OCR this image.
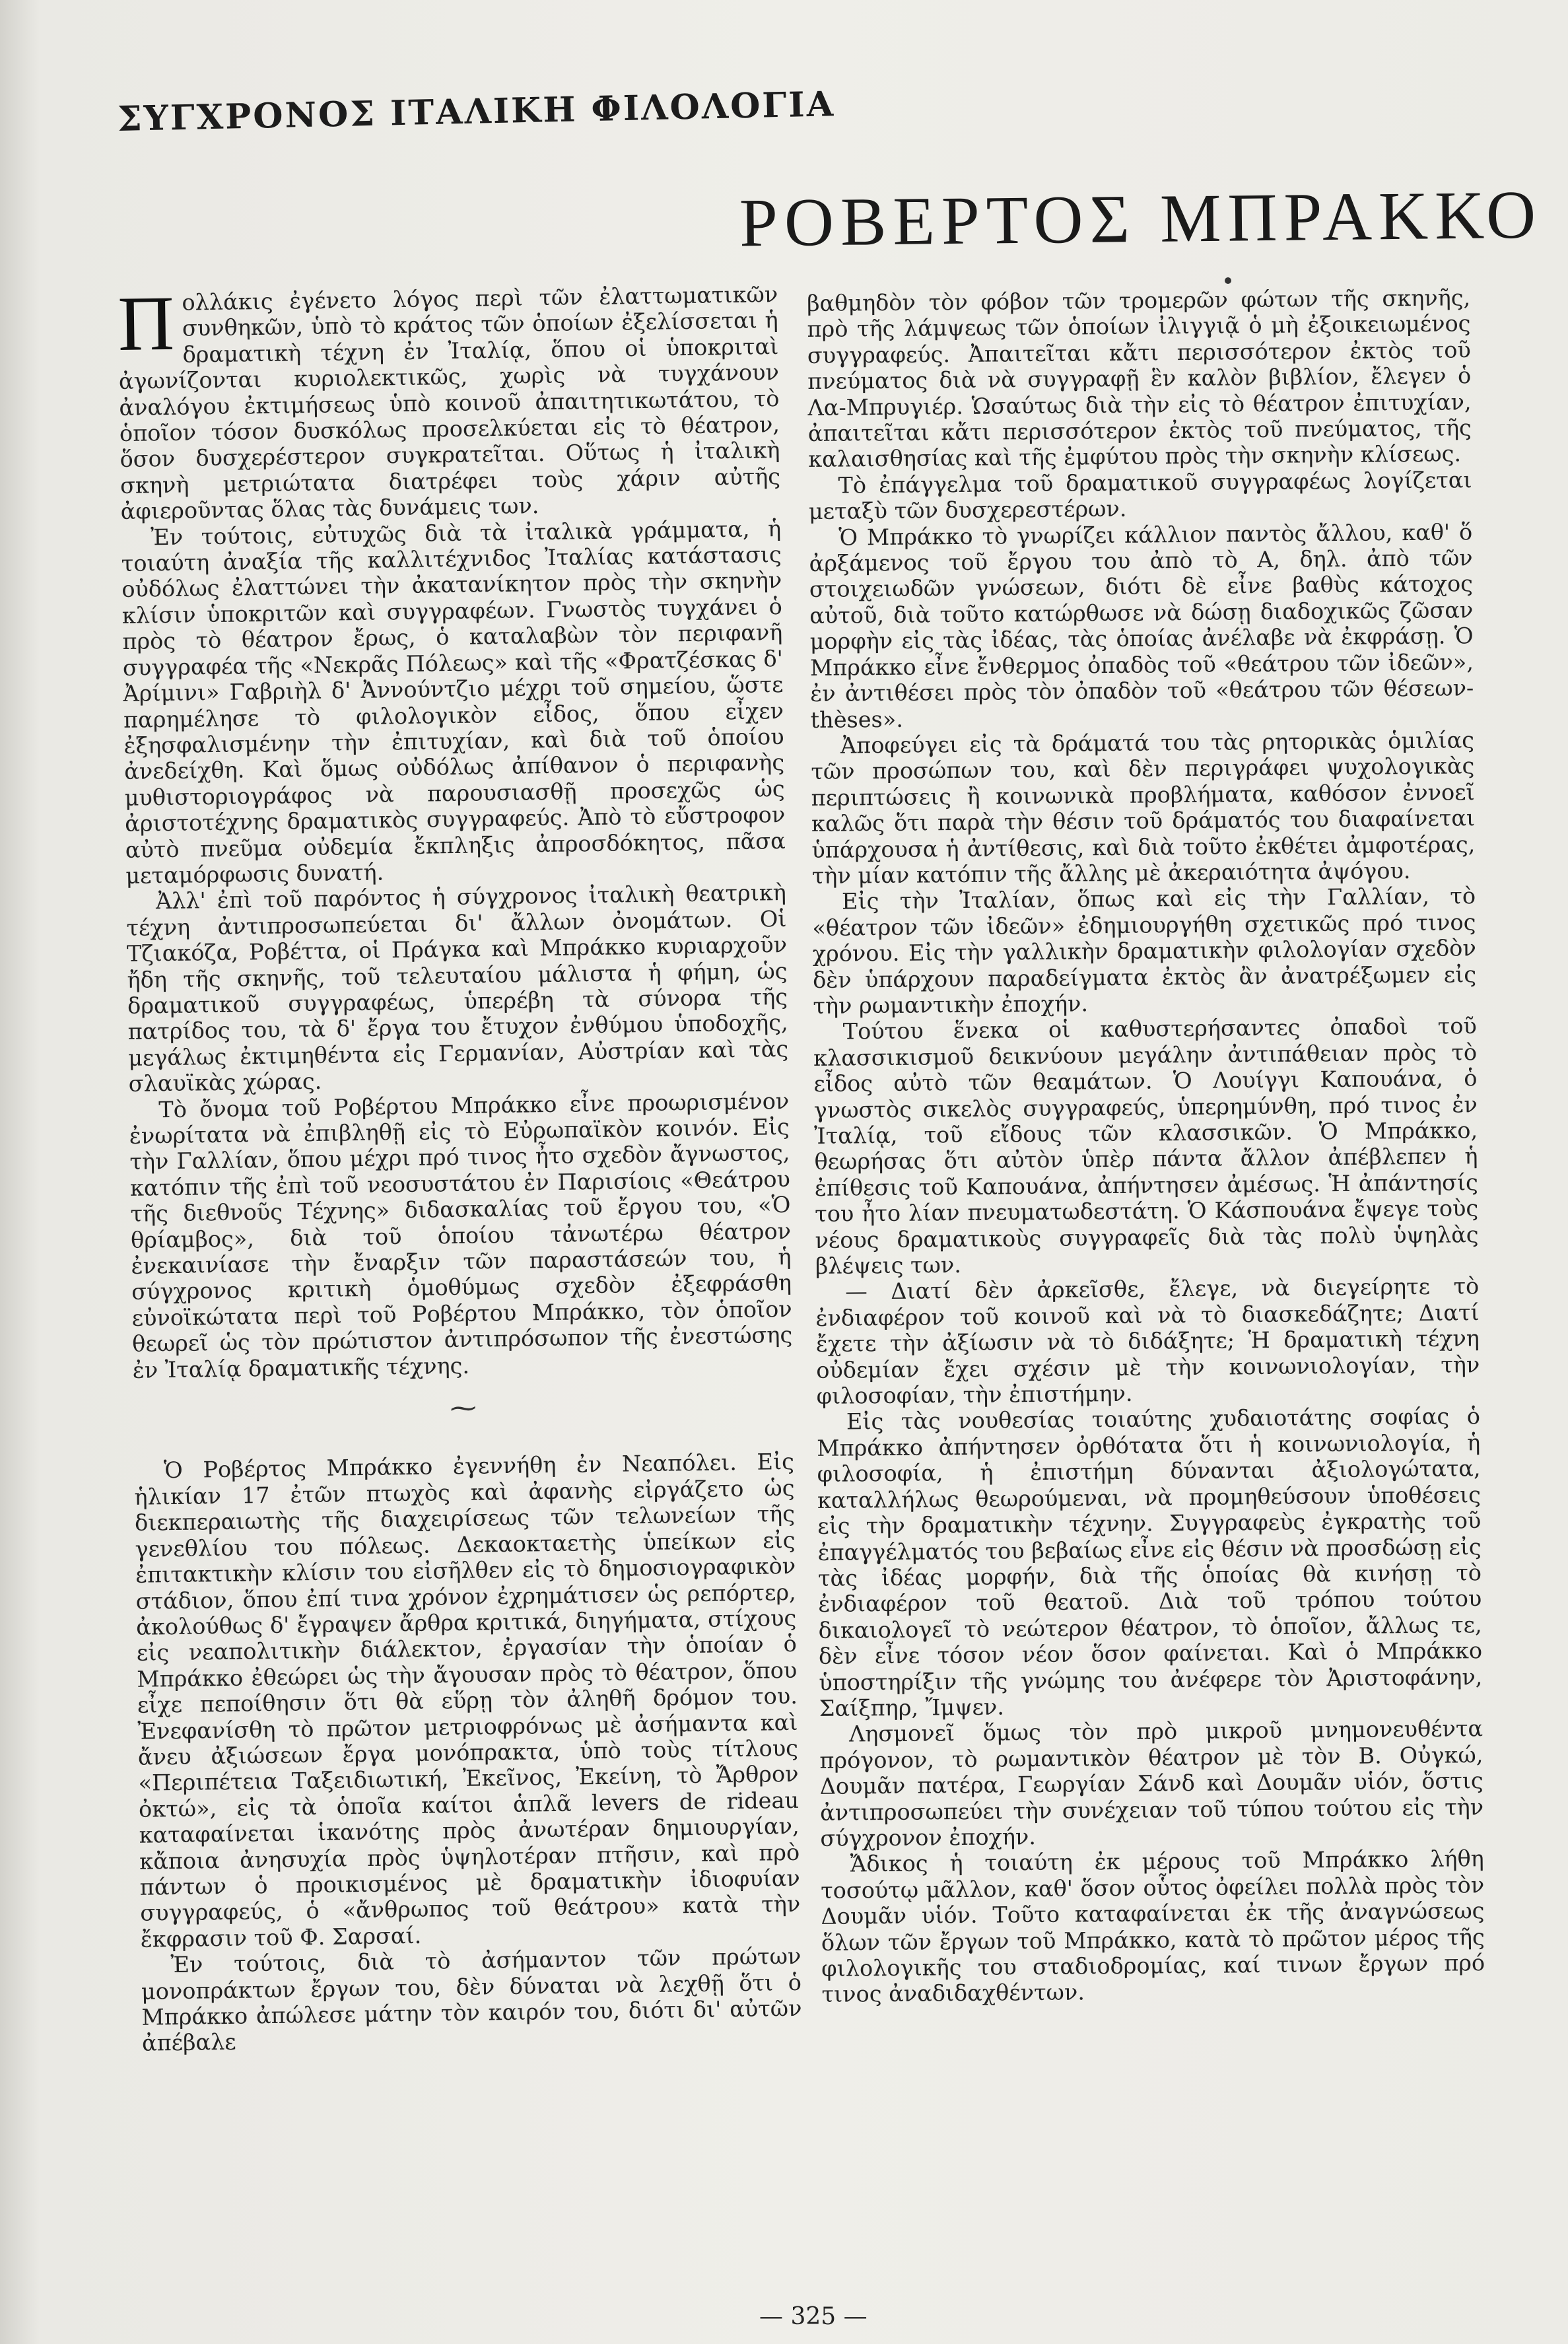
ΣΥΓΧΡΟΝΟΣ ΙΤΑΛΙΚΗ ΦΙΛΟΛΟΓΙΑ
ΡΟΒΕΡΤΟΣ ΜΠΡΑΚΚΟ

Πολλάκις ἐγένετο λόγος περὶ τῶν ἐλαττωματικῶν συνθηκῶν, ὑπὸ τὸ κράτος τῶν ὁποίων ἐξελίσσεται ἡ δραματικὴ τέχνη ἐν Ἰταλίᾳ, ὅπου οἱ ὑποκριταὶ ἀγωνίζονται κυριολεκτικῶς, χωρὶς νὰ τυγχάνουν ἀναλόγου ἐκτιμήσεως ὑπὸ κοινοῦ ἀπαιτητικωτάτου, τὸ ὁποῖον τόσον δυσκόλως προσελκύεται εἰς τὸ θέατρον, ὅσον δυσχερέστερον συγκρατεῖται. Οὕτως ἡ ἰταλικὴ σκηνὴ μετριώτατα διατρέφει τοὺς χάριν αὐτῆς ἀφιεροῦντας ὅλας τὰς δυνάμεις των.

Ἐν τούτοις, εὐτυχῶς διὰ τὰ ἰταλικὰ γράμματα, ἡ τοιαύτη ἀναξία τῆς καλλιτέχνιδος Ἰταλίας κατάστασις οὐδόλως ἐλαττώνει τὴν ἀκατανίκητον πρὸς τὴν σκηνὴν κλίσιν ὑποκριτῶν καὶ συγγραφέων. Γνωστὸς τυγχάνει ὁ πρὸς τὸ θέατρον ἔρως, ὁ καταλαβὼν τὸν περιφανῆ συγγραφέα τῆς «Νεκρᾶς Πόλεως» καὶ τῆς «Φρατζέσκας δ' Ἀρίμινι» Γαβριὴλ δ' Ἀννούντζιο μέχρι τοῦ σημείου, ὥστε παρημέλησε τὸ φιλολογικὸν εἶδος, ὅπου εἶχεν ἐξησφαλισμένην τὴν ἐπιτυχίαν, καὶ διὰ τοῦ ὁποίου ἀνεδείχθη. Καὶ ὅμως οὐδόλως ἀπίθανον ὁ περιφανὴς μυθιστοριογράφος νὰ παρουσιασθῇ προσεχῶς ὡς ἀριστοτέχνης δραματικὸς συγγραφεύς. Ἀπὸ τὸ εὔστροφον αὐτὸ πνεῦμα οὐδεμία ἔκπληξις ἀπροσδόκητος, πᾶσα μεταμόρφωσις δυνατή.

Ἀλλ' ἐπὶ τοῦ παρόντος ἡ σύγχρονος ἰταλικὴ θεατρικὴ τέχνη ἀντιπροσωπεύεται δι' ἄλλων ὀνομάτων. Οἱ Τζιακόζα, Ροβέττα, οἱ Πράγκα καὶ Μπράκκο κυριαρχοῦν ἤδη τῆς σκηνῆς, τοῦ τελευταίου μάλιστα ἡ φήμη, ὡς δραματικοῦ συγγραφέως, ὑπερέβη τὰ σύνορα τῆς πατρίδος του, τὰ δ' ἔργα του ἔτυχον ἐνθύμου ὑποδοχῆς, μεγάλως ἐκτιμηθέντα εἰς Γερμανίαν, Αὐστρίαν καὶ τὰς σλαυϊκὰς χώρας.

Τὸ ὄνομα τοῦ Ροβέρτου Μπράκκο εἶνε προωρισμένον ἐνωρίτατα νὰ ἐπιβληθῇ εἰς τὸ Εὐρωπαϊκὸν κοινόν. Εἰς τὴν Γαλλίαν, ὅπου μέχρι πρό τινος ἦτο σχεδὸν ἄγνωστος, κατόπιν τῆς ἐπὶ τοῦ νεοσυστάτου ἐν Παρισίοις «Θεάτρου τῆς διεθνοῦς Τέχνης» διδασκαλίας τοῦ ἔργου του, «Ὁ θρίαμβος», διὰ τοῦ ὁποίου τἀνωτέρω θέατρον ἐνεκαινίασε τὴν ἔναρξιν τῶν παραστάσεών του, ἡ σύγχρονος κριτικὴ ὁμοθύμως σχεδὸν ἐξεφράσθη εὐνοϊκώτατα περὶ τοῦ Ροβέρτου Μπράκκο, τὸν ὁποῖον θεωρεῖ ὡς τὸν πρώτιστον ἀντιπρόσωπον τῆς ἐνεστώσης ἐν Ἰταλίᾳ δραματικῆς τέχνης.

⁓

Ὁ Ροβέρτος Μπράκκο ἐγεννήθη ἐν Νεαπόλει. Εἰς ἡλικίαν 17 ἐτῶν πτωχὸς καὶ ἀφανὴς εἰργάζετο ὡς διεκπεραιωτὴς τῆς διαχειρίσεως τῶν τελωνείων τῆς γενεθλίου του πόλεως. Δεκαοκταετὴς ὑπείκων εἰς ἐπιτακτικὴν κλίσιν του εἰσῆλθεν εἰς τὸ δημοσιογραφικὸν στάδιον, ὅπου ἐπί τινα χρόνον ἐχρημάτισεν ὡς ρεπόρτερ, ἀκολούθως δ' ἔγραψεν ἄρθρα κριτικά, διηγήματα, στίχους εἰς νεαπολιτικὴν διάλεκτον, ἐργασίαν τὴν ὁποίαν ὁ Μπράκκο ἐθεώρει ὡς τὴν ἄγουσαν πρὸς τὸ θέατρον, ὅπου εἶχε πεποίθησιν ὅτι θὰ εὕρῃ τὸν ἀληθῆ δρόμον του. Ἐνεφανίσθη τὸ πρῶτον μετριοφρόνως μὲ ἀσήμαντα καὶ ἄνευ ἀξιώσεων ἔργα μονόπρακτα, ὑπὸ τοὺς τίτλους «Περιπέτεια Ταξειδιωτική, Ἐκεῖνος, Ἐκείνη, τὸ Ἄρθρον ὀκτώ», εἰς τὰ ὁποῖα καίτοι ἁπλᾶ levers de rideau καταφαίνεται ἱκανότης πρὸς ἀνωτέραν δημιουργίαν, κἄποια ἀνησυχία πρὸς ὑψηλοτέραν πτῆσιν, καὶ πρὸ πάντων ὁ προικισμένος μὲ δραματικὴν ἰδιοφυίαν συγγραφεύς, ὁ «ἄνθρωπος τοῦ θεάτρου» κατὰ τὴν ἔκφρασιν τοῦ Φ. Σαρσαί.

Ἐν τούτοις, διὰ τὸ ἀσήμαντον τῶν πρώτων μονοπράκτων ἔργων του, δὲν δύναται νὰ λεχθῇ ὅτι ὁ Μπράκκο ἀπώλεσε μάτην τὸν καιρόν του, διότι δι' αὐτῶν ἀπέβαλε

βαθμηδὸν τὸν φόβον τῶν τρομερῶν φώτων τῆς σκηνῆς, πρὸ τῆς λάμψεως τῶν ὁποίων ἰλιγγιᾷ ὁ μὴ ἐξοικειωμένος συγγραφεύς. Ἀπαιτεῖται κἄτι περισσότερον ἐκτὸς τοῦ πνεύματος διὰ νὰ συγγραφῇ ἓν καλὸν βιβλίον, ἔλεγεν ὁ Λα-Μπρυγιέρ. Ὡσαύτως διὰ τὴν εἰς τὸ θέατρον ἐπιτυχίαν, ἀπαιτεῖται κἄτι περισσότερον ἐκτὸς τοῦ πνεύματος, τῆς καλαισθησίας καὶ τῆς ἐμφύτου πρὸς τὴν σκηνὴν κλίσεως.

Τὸ ἐπάγγελμα τοῦ δραματικοῦ συγγραφέως λογίζεται μεταξὺ τῶν δυσχερεστέρων.

Ὁ Μπράκκο τὸ γνωρίζει κάλλιον παντὸς ἄλλου, καθ' ὅ ἀρξάμενος τοῦ ἔργου του ἀπὸ τὸ Α, δηλ. ἀπὸ τῶν στοιχειωδῶν γνώσεων, διότι δὲ εἶνε βαθὺς κάτοχος αὐτοῦ, διὰ τοῦτο κατώρθωσε νὰ δώσῃ διαδοχικῶς ζῶσαν μορφὴν εἰς τὰς ἰδέας, τὰς ὁποίας ἀνέλαβε νὰ ἐκφράσῃ. Ὁ Μπράκκο εἶνε ἔνθερμος ὀπαδὸς τοῦ «θεάτρου τῶν ἰδεῶν», ἐν ἀντιθέσει πρὸς τὸν ὀπαδὸν τοῦ «θεάτρου τῶν θέσεων-thèses».

Ἀποφεύγει εἰς τὰ δράματά του τὰς ρητορικὰς ὁμιλίας τῶν προσώπων του, καὶ δὲν περιγράφει ψυχολογικὰς περιπτώσεις ἢ κοινωνικὰ προβλήματα, καθόσον ἐννοεῖ καλῶς ὅτι παρὰ τὴν θέσιν τοῦ δράματός του διαφαίνεται ὑπάρχουσα ἡ ἀντίθεσις, καὶ διὰ τοῦτο ἐκθέτει ἀμφοτέρας, τὴν μίαν κατόπιν τῆς ἄλλης μὲ ἀκεραιότητα ἀψόγου.

Εἰς τὴν Ἰταλίαν, ὅπως καὶ εἰς τὴν Γαλλίαν, τὸ «θέατρον τῶν ἰδεῶν» ἐδημιουργήθη σχετικῶς πρό τινος χρόνου. Εἰς τὴν γαλλικὴν δραματικὴν φιλολογίαν σχεδὸν δὲν ὑπάρχουν παραδείγματα ἐκτὸς ἂν ἀνατρέξωμεν εἰς τὴν ρωμαντικὴν ἐποχήν.

Τούτου ἕνεκα οἱ καθυστερήσαντες ὀπαδοὶ τοῦ κλασσικισμοῦ δεικνύουν μεγάλην ἀντιπάθειαν πρὸς τὸ εἶδος αὐτὸ τῶν θεαμάτων. Ὁ Λουίγγι Καπουάνα, ὁ γνωστὸς σικελὸς συγγραφεύς, ὑπερημύνθη, πρό τινος ἐν Ἰταλίᾳ, τοῦ εἴδους τῶν κλασσικῶν. Ὁ Μπράκκο, θεωρήσας ὅτι αὐτὸν ὑπὲρ πάντα ἄλλον ἀπέβλεπεν ἡ ἐπίθεσις τοῦ Καπουάνα, ἀπήντησεν ἀμέσως. Ἡ ἀπάντησίς του ἦτο λίαν πνευματωδεστάτη. Ὁ Κάσπουάνα ἔψεγε τοὺς νέους δραματικοὺς συγγραφεῖς διὰ τὰς πολὺ ὑψηλὰς βλέψεις των.

— Διατί δὲν ἀρκεῖσθε, ἔλεγε, νὰ διεγείρητε τὸ ἐνδιαφέρον τοῦ κοινοῦ καὶ νὰ τὸ διασκεδάζητε; Διατί ἔχετε τὴν ἀξίωσιν νὰ τὸ διδάξητε; Ἡ δραματικὴ τέχνη οὐδεμίαν ἔχει σχέσιν μὲ τὴν κοινωνιολογίαν, τὴν φιλοσοφίαν, τὴν ἐπιστήμην.

Εἰς τὰς νουθεσίας τοιαύτης χυδαιοτάτης σοφίας ὁ Μπράκκο ἀπήντησεν ὀρθότατα ὅτι ἡ κοινωνιολογία, ἡ φιλοσοφία, ἡ ἐπιστήμη δύνανται ἀξιολογώτατα, καταλλήλως θεωρούμεναι, νὰ προμηθεύσουν ὑποθέσεις εἰς τὴν δραματικὴν τέχνην. Συγγραφεὺς ἐγκρατὴς τοῦ ἐπαγγέλματός του βεβαίως εἶνε εἰς θέσιν νὰ προσδώσῃ εἰς τὰς ἰδέας μορφήν, διὰ τῆς ὁποίας θὰ κινήσῃ τὸ ἐνδιαφέρον τοῦ θεατοῦ. Διὰ τοῦ τρόπου τούτου δικαιολογεῖ τὸ νεώτερον θέατρον, τὸ ὁποῖον, ἄλλως τε, δὲν εἶνε τόσον νέον ὅσον φαίνεται. Καὶ ὁ Μπράκκο ὑποστηρίξιν τῆς γνώμης του ἀνέφερε τὸν Ἀριστοφάνην, Σαίξπηρ, Ἴμψεν.

Λησμονεῖ ὅμως τὸν πρὸ μικροῦ μνημονευθέντα πρόγονον, τὸ ρωμαντικὸν θέατρον μὲ τὸν Β. Οὐγκώ, Δουμᾶν πατέρα, Γεωργίαν Σάνδ καὶ Δουμᾶν υἱόν, ὅστις ἀντιπροσωπεύει τὴν συνέχειαν τοῦ τύπου τούτου εἰς τὴν σύγχρονον ἐποχήν.

Ἄδικος ἡ τοιαύτη ἐκ μέρους τοῦ Μπράκκο λήθη τοσούτῳ μᾶλλον, καθ' ὅσον οὗτος ὀφείλει πολλὰ πρὸς τὸν Δουμᾶν υἱόν. Τοῦτο καταφαίνεται ἐκ τῆς ἀναγνώσεως ὅλων τῶν ἔργων τοῦ Μπράκκο, κατὰ τὸ πρῶτον μέρος τῆς φιλολογικῆς του σταδιοδρομίας, καί τινων ἔργων πρό τινος ἀναδιδαχθέντων.

— 325 —
